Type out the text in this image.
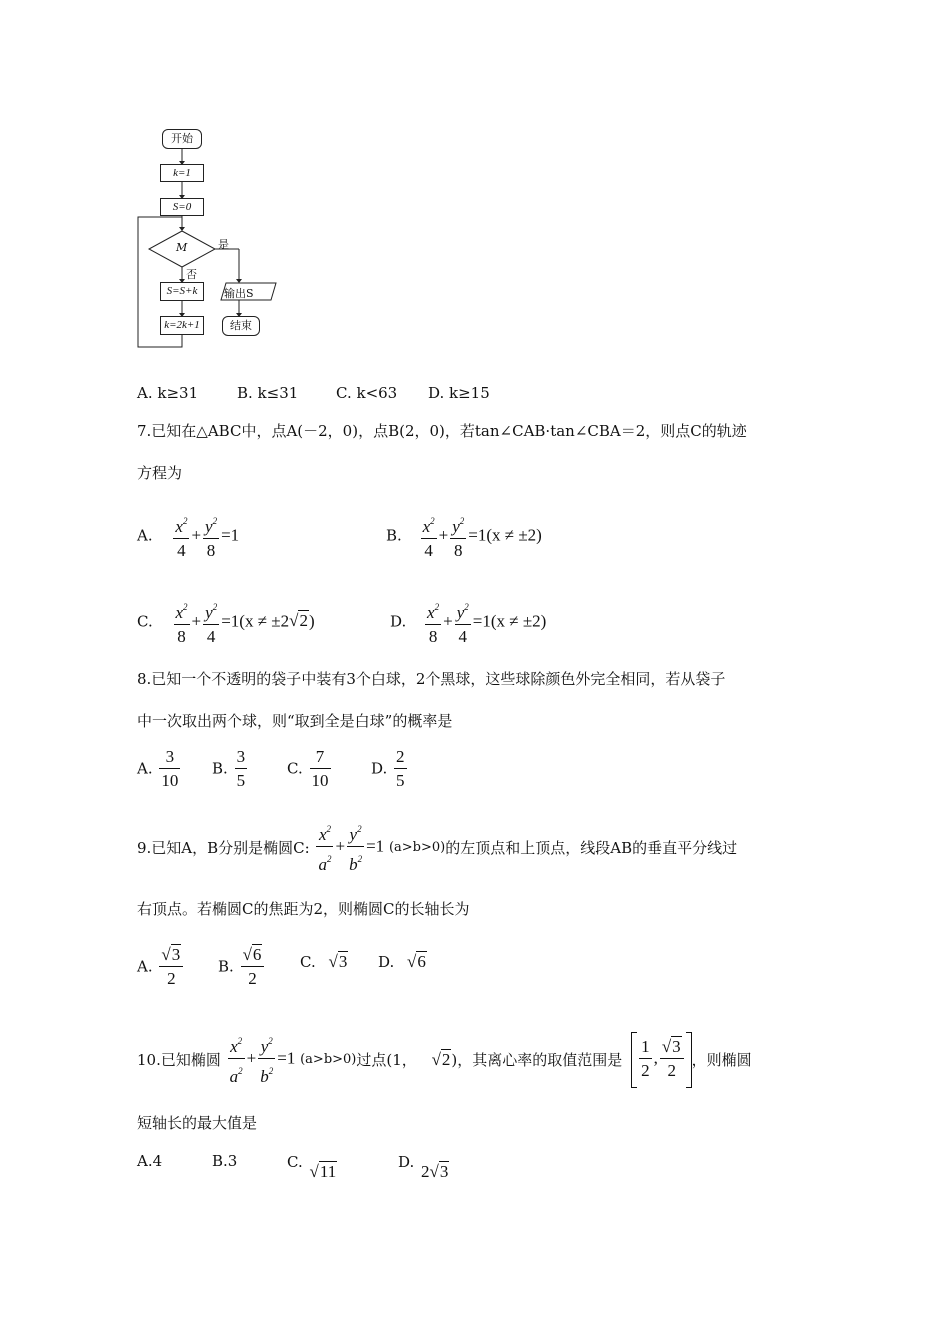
开始
k=1
S=0
M	是
否
S=S+k
k=2k+1
输出S
结束
A. k≥31	B. k≤31	C. k<63 D. k≥15
7.已知在△ABC中，点A(－2，0)，点B(2，0)，若tan∠CAB·tan∠CBA＝2，则点C的轨迹
方程为
A. $\frac{x^2}{4} + \frac{y^2}{8} =1$	B. $\frac{x^2}{4} + \frac{y^2}{8} =1(x \ne \pm 2)$
C. $\frac{x^2}{8} + \frac{y^2}{4} =1(x \ne \pm 2√2)$	D. $\frac{x^2}{8} + \frac{y^2}{4} =1(x \ne \pm 2)$
8.已知一个不透明的袋子中装有3个白球，2个黑球，这些球除颜色外完全相同，若从袋子
中一次取出两个球，则“取到全是白球”的概率是
A. $\frac{3}{10} B$. $\frac{3}{5}$	C. $\frac{7}{10}$	D. $\frac{2}{5}$
9.已知A，B分别是椭圆C: $\frac{x^2}{a^2} + \frac{y^2}{b^2} =1$ (a>b>0)的左顶点和上顶点，线段AB的垂直平分线过
右顶点。若椭圆C的焦距为2，则椭圆C的长轴长为
A. $\frac{√3}{2} B$. $\frac{√6}{2} C$. √3 D. √6
10.已知椭圆 $\frac{x^2}{a^2} + \frac{y^2}{b^2} =1$ (a>b>0)过点(1， √2)，其离心率的取值范围是 $\frac{1}{2}$ , $\frac{√3}{2}$ ，则椭圆
短轴长的最大值是
A.4	B.3	C. √11	D. 2√3
